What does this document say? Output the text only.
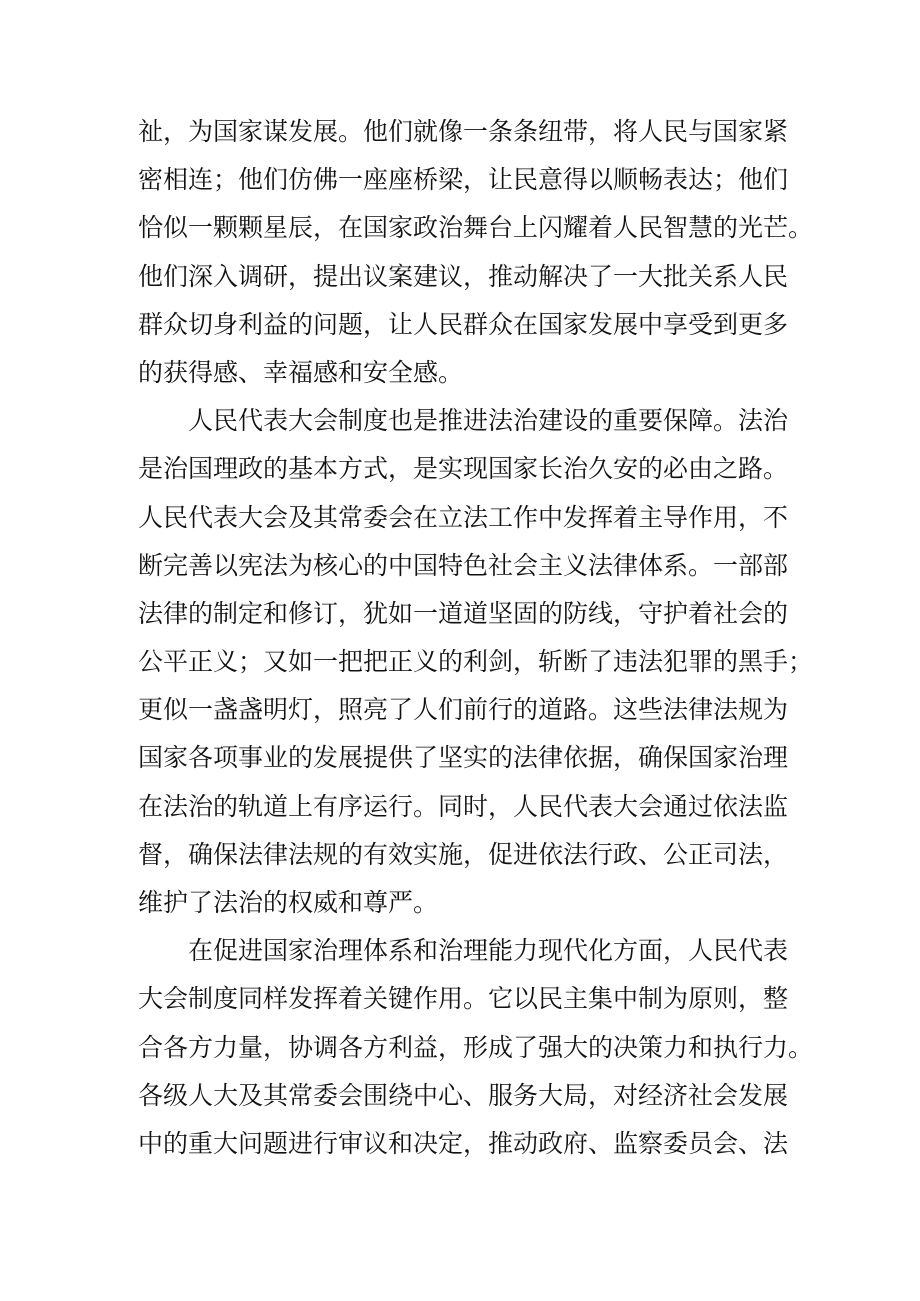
祉，为国家谋发展。他们就像一条条纽带，将人民与国家紧
密相连；他们仿佛一座座桥梁，让民意得以顺畅表达；他们
恰似一颗颗星辰，在国家政治舞台上闪耀着人民智慧的光芒。
他们深入调研，提出议案建议，推动解决了一大批关系人民
群众切身利益的问题，让人民群众在国家发展中享受到更多
的获得感、幸福感和安全感。
人民代表大会制度也是推进法治建设的重要保障。法治
是治国理政的基本方式，是实现国家长治久安的必由之路。
人民代表大会及其常委会在立法工作中发挥着主导作用，不
断完善以宪法为核心的中国特色社会主义法律体系。一部部
法律的制定和修订，犹如一道道坚固的防线，守护着社会的
公平正义；又如一把把正义的利剑，斩断了违法犯罪的黑手；
更似一盏盏明灯，照亮了人们前行的道路。这些法律法规为
国家各项事业的发展提供了坚实的法律依据，确保国家治理
在法治的轨道上有序运行。同时，人民代表大会通过依法监
督，确保法律法规的有效实施，促进依法行政、公正司法，
维护了法治的权威和尊严。
在促进国家治理体系和治理能力现代化方面，人民代表
大会制度同样发挥着关键作用。它以民主集中制为原则，整
合各方力量，协调各方利益，形成了强大的决策力和执行力。
各级人大及其常委会围绕中心、服务大局，对经济社会发展
中的重大问题进行审议和决定，推动政府、监察委员会、法
